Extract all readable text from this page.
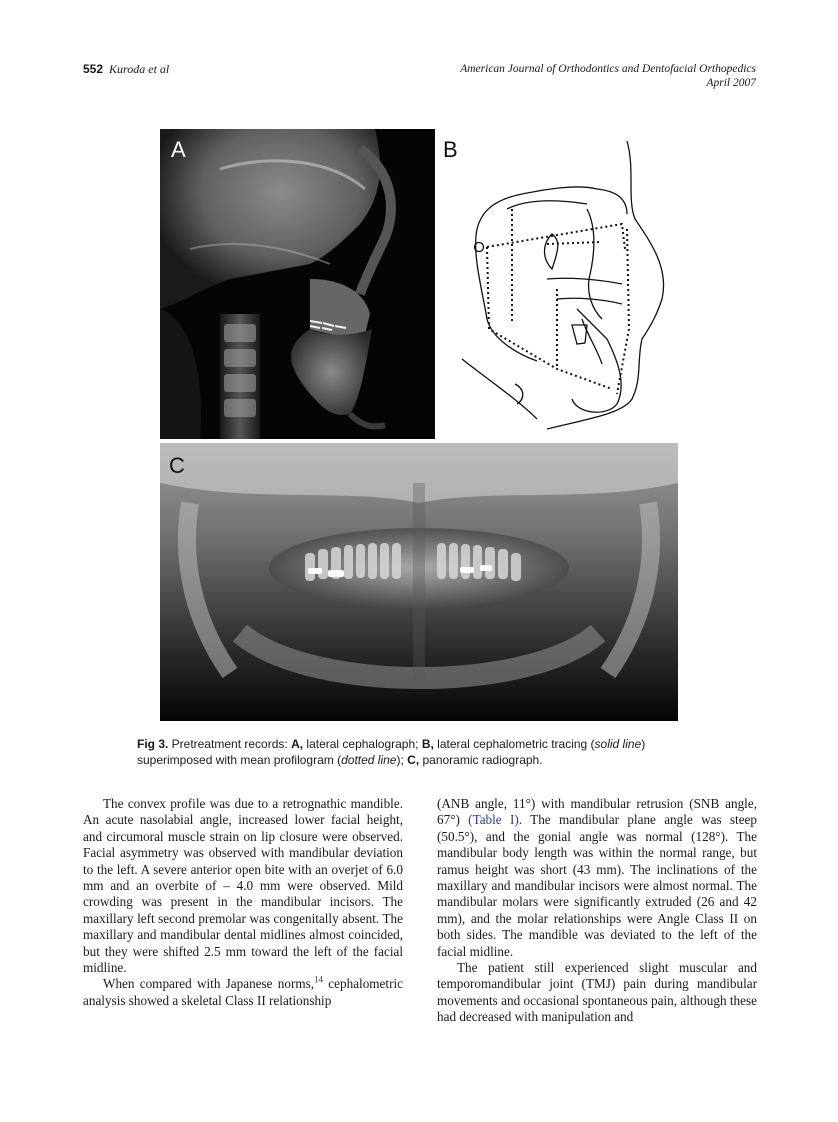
552 Kuroda et al	American Journal of Orthodontics and Dentofacial Orthopedics
April 2007
A	B
C
Fig 3. Pretreatment records: A, lateral cephalograph; B, lateral cephalometric tracing (solid line) superimposed with mean profilogram (dotted line); C, panoramic radiograph.

The convex profile was due to a retrognathic mandible. An acute nasolabial angle, increased lower facial height, and circumoral muscle strain on lip closure were observed. Facial asymmetry was observed with mandibular deviation to the left. A severe anterior open bite with an overjet of 6.0 mm and an overbite of – 4.0 mm were observed. Mild crowding was present in the mandibular incisors. The maxillary left second premolar was congenitally absent. The maxillary and mandibular dental midlines almost coincided, but they were shifted 2.5 mm toward the left of the facial midline.

When compared with Japanese norms,$^{14}$ cephalometric analysis showed a skeletal Class II relationship

(ANB angle, 11°) with mandibular retrusion (SNB angle, 67°) (Table I). The mandibular plane angle was steep (50.5°), and the gonial angle was normal (128°). The mandibular body length was within the normal range, but ramus height was short (43 mm). The inclinations of the maxillary and mandibular incisors were almost normal. The mandibular molars were significantly extruded (26 and 42 mm), and the molar relationships were Angle Class II on both sides. The mandible was deviated to the left of the facial midline.

The patient still experienced slight muscular and temporomandibular joint (TMJ) pain during mandibular movements and occasional spontaneous pain, although these had decreased with manipulation and
